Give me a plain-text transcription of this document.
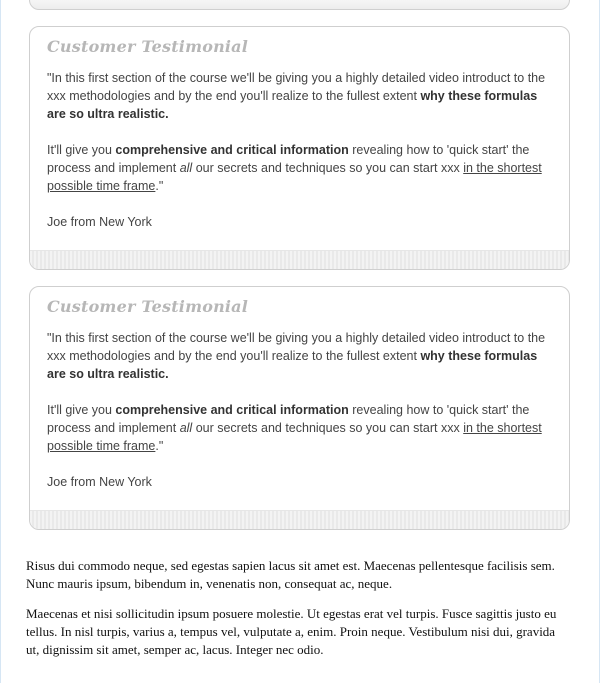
Customer Testimonial

"In this first section of the course we'll be giving you a highly detailed video introduct to the xxx methodologies and by the end you'll realize to the fullest extent why these formulas are so ultra realistic.

It'll give you comprehensive and critical information revealing how to 'quick start' the process and implement all our secrets and techniques so you can start xxx in the shortest possible time frame."

Joe from New York

Customer Testimonial

"In this first section of the course we'll be giving you a highly detailed video introduct to the xxx methodologies and by the end you'll realize to the fullest extent why these formulas are so ultra realistic.

It'll give you comprehensive and critical information revealing how to 'quick start' the process and implement all our secrets and techniques so you can start xxx in the shortest possible time frame."

Joe from New York

Risus dui commodo neque, sed egestas sapien lacus sit amet est. Maecenas pellentesque facilisis sem. Nunc mauris ipsum, bibendum in, venenatis non, consequat ac, neque.

Maecenas et nisi sollicitudin ipsum posuere molestie. Ut egestas erat vel turpis. Fusce sagittis justo eu tellus. In nisl turpis, varius a, tempus vel, vulputate a, enim. Proin neque. Vestibulum nisi dui, gravida ut, dignissim sit amet, semper ac, lacus. Integer nec odio.
